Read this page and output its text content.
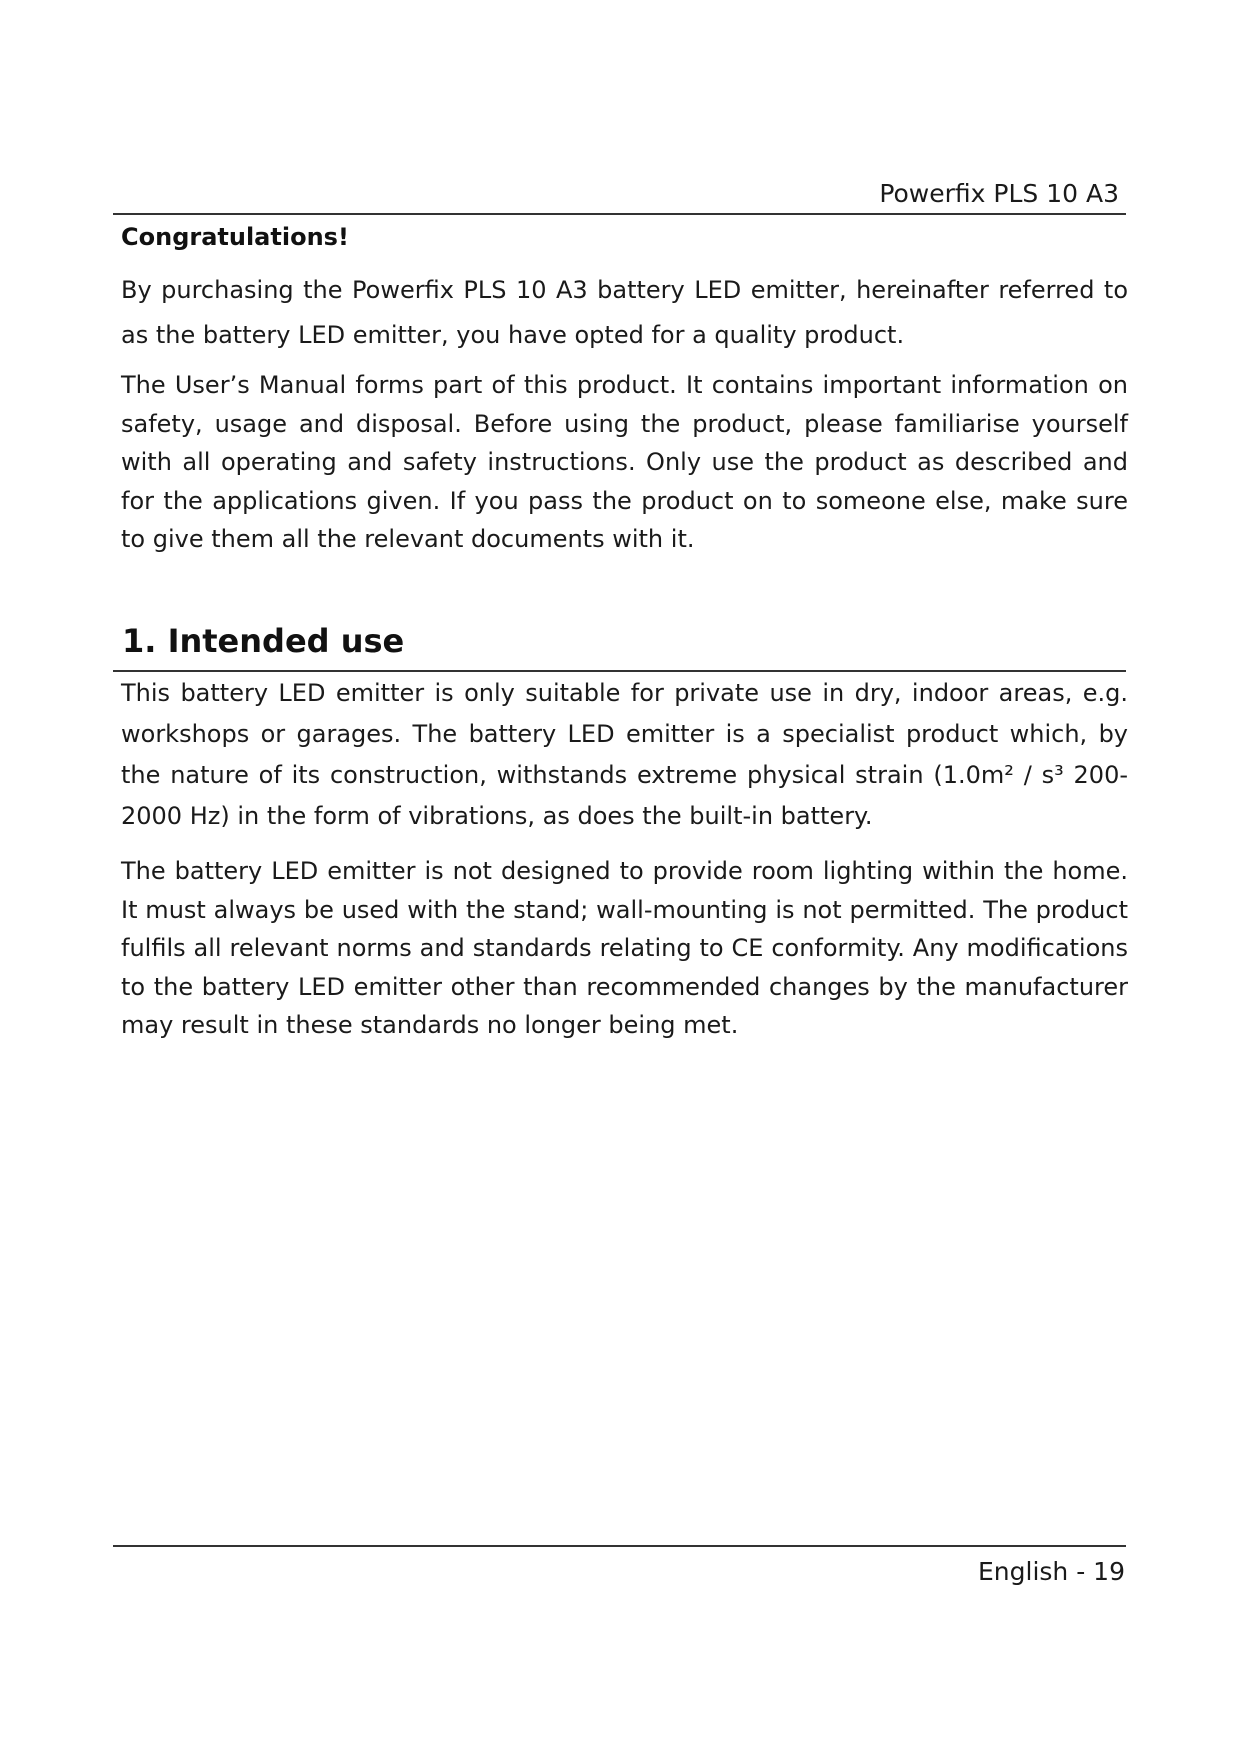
Powerfix PLS 10 A3
Congratulations!

By purchasing the Powerfix PLS 10 A3 battery LED emitter, hereinafter referred to as the battery LED emitter, you have opted for a quality product.

The User’s Manual forms part of this product. It contains important information on safety, usage and disposal. Before using the product, please familiarise yourself with all operating and safety instructions. Only use the product as described and for the applications given. If you pass the product on to someone else, make sure to give them all the relevant documents with it.

1. Intended use

This battery LED emitter is only suitable for private use in dry, indoor areas, e.g. workshops or garages. The battery LED emitter is a specialist product which, by the nature of its construction, withstands extreme physical strain (1.0m² / s³ 200-2000 Hz) in the form of vibrations, as does the built-in battery.

The battery LED emitter is not designed to provide room lighting within the home. It must always be used with the stand; wall-mounting is not permitted. The product fulfils all relevant norms and standards relating to CE conformity. Any modifications to the battery LED emitter other than recommended changes by the manufacturer may result in these standards no longer being met.

English - 19
